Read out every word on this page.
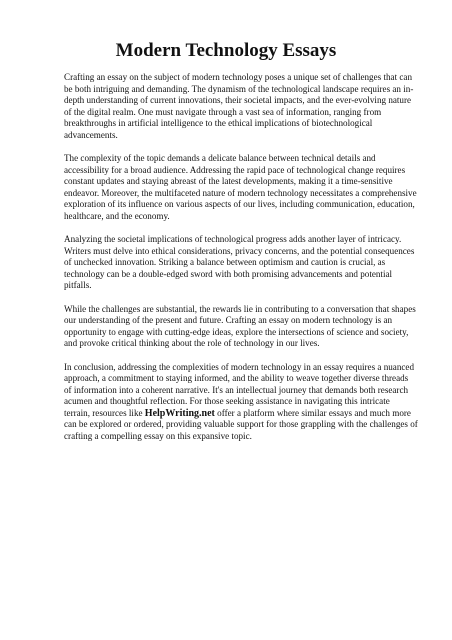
Modern Technology Essays

Crafting an essay on the subject of modern technology poses a unique set of challenges that can
be both intriguing and demanding. The dynamism of the technological landscape requires an in-
depth understanding of current innovations, their societal impacts, and the ever-evolving nature
of the digital realm. One must navigate through a vast sea of information, ranging from
breakthroughs in artificial intelligence to the ethical implications of biotechnological
advancements.

The complexity of the topic demands a delicate balance between technical details and
accessibility for a broad audience. Addressing the rapid pace of technological change requires
constant updates and staying abreast of the latest developments, making it a time-sensitive
endeavor. Moreover, the multifaceted nature of modern technology necessitates a comprehensive
exploration of its influence on various aspects of our lives, including communication, education,
healthcare, and the economy.

Analyzing the societal implications of technological progress adds another layer of intricacy.
Writers must delve into ethical considerations, privacy concerns, and the potential consequences
of unchecked innovation. Striking a balance between optimism and caution is crucial, as
technology can be a double-edged sword with both promising advancements and potential
pitfalls.

While the challenges are substantial, the rewards lie in contributing to a conversation that shapes
our understanding of the present and future. Crafting an essay on modern technology is an
opportunity to engage with cutting-edge ideas, explore the intersections of science and society,
and provoke critical thinking about the role of technology in our lives.

In conclusion, addressing the complexities of modern technology in an essay requires a nuanced
approach, a commitment to staying informed, and the ability to weave together diverse threads
of information into a coherent narrative. It's an intellectual journey that demands both research
acumen and thoughtful reflection. For those seeking assistance in navigating this intricate
terrain, resources like HelpWriting.net offer a platform where similar essays and much more
can be explored or ordered, providing valuable support for those grappling with the challenges of
crafting a compelling essay on this expansive topic.
